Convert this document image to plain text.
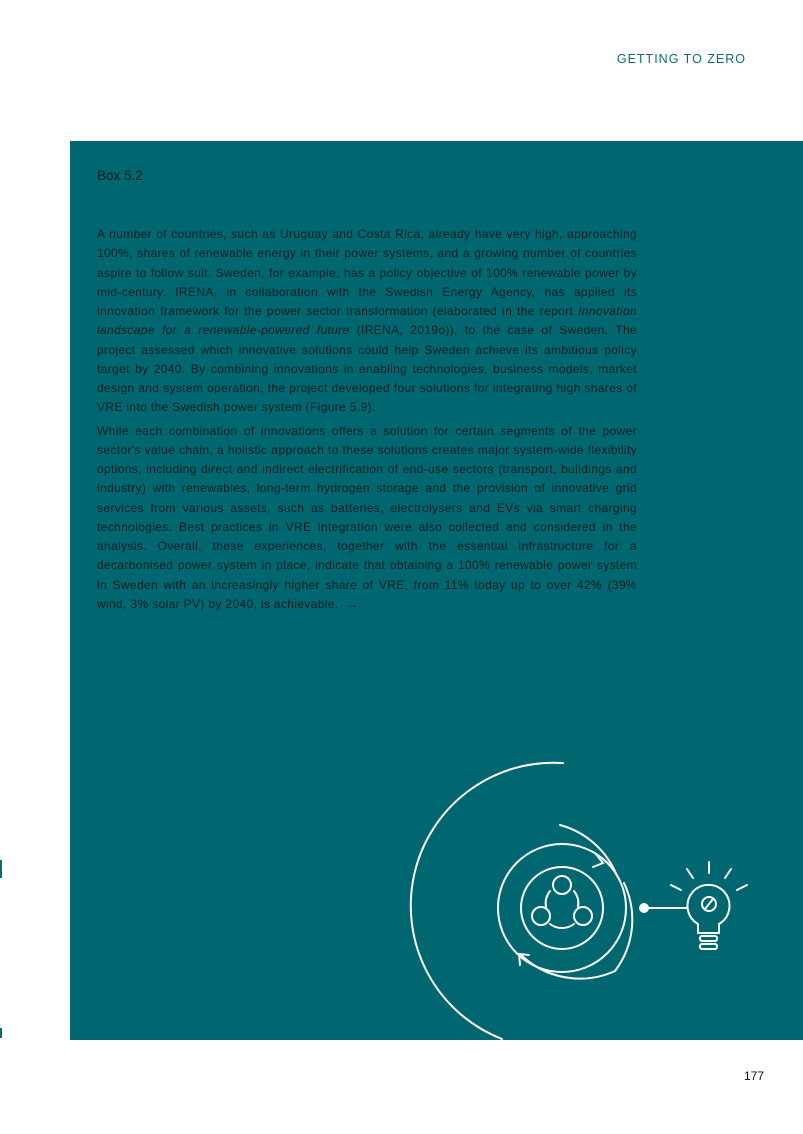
GETTING TO ZERO
Box 5.2

A number of countries, such as Uruguay and Costa Rica, already have very high, approaching 100%, shares of renewable energy in their power systems, and a growing number of countries aspire to follow suit. Sweden, for example, has a policy objective of 100% renewable power by mid-century. IRENA, in collaboration with the Swedish Energy Agency, has applied its innovation framework for the power sector transformation (elaborated in the report Innovation landscape for a renewable-powered future (IRENA, 2019o)), to the case of Sweden. The project assessed which innovative solutions could help Sweden achieve its ambitious policy target by 2040. By combining innovations in enabling technologies, business models, market design and system operation, the project developed four solutions for integrating high shares of VRE into the Swedish power system (Figure 5.9).

While each combination of innovations offers a solution for certain segments of the power sector's value chain, a holistic approach to these solutions creates major system-wide flexibility options, including direct and indirect electrification of end-use sectors (transport, buildings and industry) with renewables, long-term hydrogen storage and the provision of innovative grid services from various assets, such as batteries, electrolysers and EVs via smart charging technologies. Best practices in VRE integration were also collected and considered in the analysis. Overall, these experiences, together with the essential infrastructure for a decarbonised power system in place, indicate that obtaining a 100% renewable power system in Sweden with an increasingly higher share of VRE, from 11% today up to over 42% (39% wind, 3% solar PV) by 2040, is achievable. →

177
